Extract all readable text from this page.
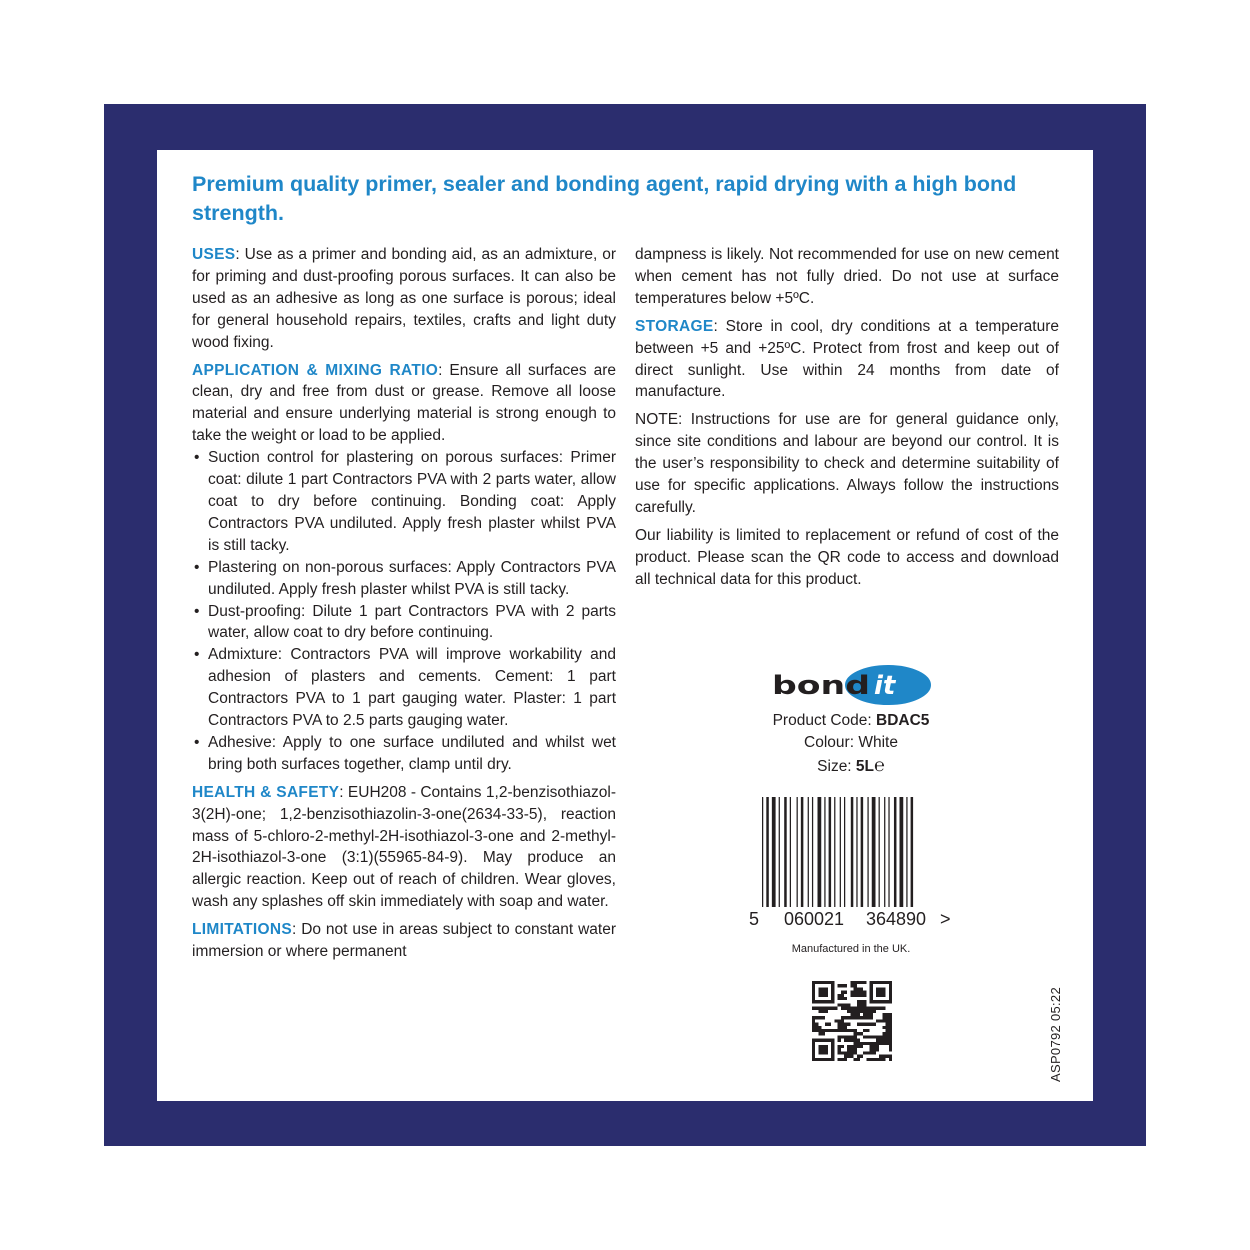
Premium quality primer, sealer and bonding agent, rapid drying with a high bond strength.

USES: Use as a primer and bonding aid, as an admixture, or for priming and dust-proofing porous surfaces. It can also be used as an adhesive as long as one surface is porous; ideal for general household repairs, textiles, crafts and light duty wood fixing.

APPLICATION & MIXING RATIO: Ensure all surfaces are clean, dry and free from dust or grease. Remove all loose material and ensure underlying material is strong enough to take the weight or load to be applied.

• Suction control for plastering on porous surfaces: Primer coat: dilute 1 part Contractors PVA with 2 parts water, allow coat to dry before continuing. Bonding coat: Apply Contractors PVA undiluted. Apply fresh plaster whilst PVA is still tacky.
• Plastering on non-porous surfaces: Apply Contractors PVA undiluted. Apply fresh plaster whilst PVA is still tacky.
• Dust-proofing: Dilute 1 part Contractors PVA with 2 parts water, allow coat to dry before continuing.
• Admixture: Contractors PVA will improve workability and adhesion of plasters and cements. Cement: 1 part Contractors PVA to 1 part gauging water. Plaster: 1 part Contractors PVA to 2.5 parts gauging water.
• Adhesive: Apply to one surface undiluted and whilst wet bring both surfaces together, clamp until dry.

HEALTH & SAFETY: EUH208 - Contains 1,2-benzisothiazol-3(2H)-one; 1,2-benzisothiazolin-3-one(2634-33-5), reaction mass of 5-chloro-2-methyl-2H-isothiazol-3-one and 2-methyl-2H-isothiazol-3-one (3:1)(55965-84-9). May produce an allergic reaction. Keep out of reach of children. Wear gloves, wash any splashes off skin immediately with soap and water.

LIMITATIONS: Do not use in areas subject to constant water immersion or where permanent

dampness is likely. Not recommended for use on new cement when cement has not fully dried. Do not use at surface temperatures below +5ºC.

STORAGE: Store in cool, dry conditions at a temperature between +5 and +25ºC. Protect from frost and keep out of direct sunlight. Use within 24 months from date of manufacture.

NOTE: Instructions for use are for general guidance only, since site conditions and labour are beyond our control. It is the user’s responsibility to check and determine suitability of use for specific applications. Always follow the instructions carefully.

Our liability is limited to replacement or refund of cost of the product. Please scan the QR code to access and download all technical data for this product.

bond it
Product Code: BDAC5
Colour: White
Size: 5L℮
5 060021 364890 >
Manufactured in the UK.
ASP0792 05:22
